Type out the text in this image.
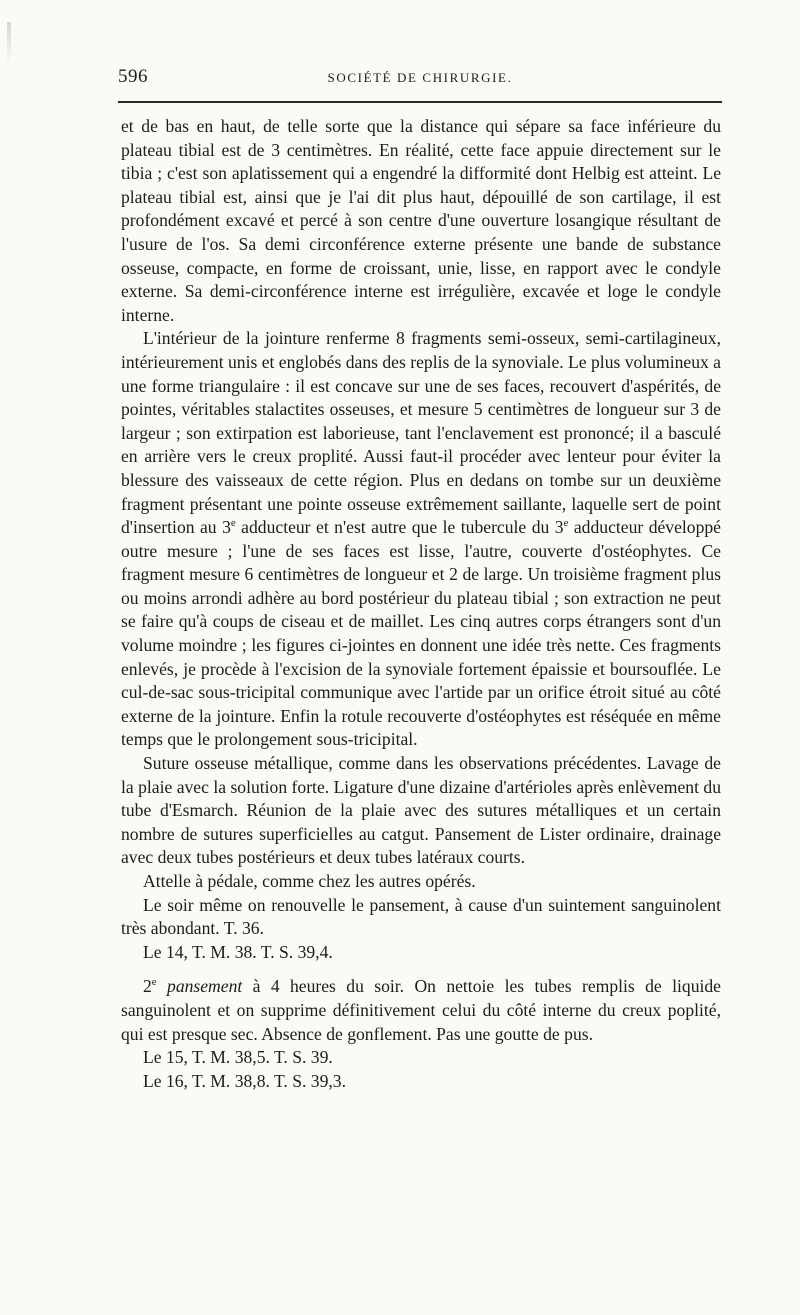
596	SOCIÉTÉ DE CHIRURGIE.

et de bas en haut, de telle sorte que la distance qui sépare sa face inférieure du plateau tibial est de 3 centimètres. En réalité, cette face appuie directement sur le tibia ; c'est son aplatissement qui a engendré la difformité dont Helbig est atteint. Le plateau tibial est, ainsi que je l'ai dit plus haut, dépouillé de son cartilage, il est profondément excavé et percé à son centre d'une ouverture losangique résultant de l'usure de l'os. Sa demi circonférence externe présente une bande de substance osseuse, compacte, en forme de croissant, unie, lisse, en rapport avec le condyle externe. Sa demi-circonférence interne est irrégulière, excavée et loge le condyle interne.

L'intérieur de la jointure renferme 8 fragments semi-osseux, semi-cartilagineux, intérieurement unis et englobés dans des replis de la synoviale. Le plus volumineux a une forme triangulaire : il est concave sur une de ses faces, recouvert d'aspérités, de pointes, véritables stalactites osseuses, et mesure 5 centimètres de longueur sur 3 de largeur ; son extirpation est laborieuse, tant l'enclavement est prononcé; il a basculé en arrière vers le creux proplité. Aussi faut-il procéder avec lenteur pour éviter la blessure des vaisseaux de cette région. Plus en dedans on tombe sur un deuxième fragment présentant une pointe osseuse extrêmement saillante, laquelle sert de point d'insertion au 3e adducteur et n'est autre que le tubercule du 3e adducteur développé outre mesure ; l'une de ses faces est lisse, l'autre, couverte d'ostéophytes. Ce fragment mesure 6 centimètres de longueur et 2 de large. Un troisième fragment plus ou moins arrondi adhère au bord postérieur du plateau tibial ; son extraction ne peut se faire qu'à coups de ciseau et de maillet. Les cinq autres corps étrangers sont d'un volume moindre ; les figures ci-jointes en donnent une idée très nette. Ces fragments enlevés, je procède à l'excision de la synoviale fortement épaissie et boursouflée. Le cul-de-sac sous-tricipital communique avec l'artide par un orifice étroit situé au côté externe de la jointure. Enfin la rotule recouverte d'ostéophytes est réséquée en même temps que le prolongement sous-tricipital.

Suture osseuse métallique, comme dans les observations précédentes. Lavage de la plaie avec la solution forte. Ligature d'une dizaine d'artérioles après enlèvement du tube d'Esmarch. Réunion de la plaie avec des sutures métalliques et un certain nombre de sutures superficielles au catgut. Pansement de Lister ordinaire, drainage avec deux tubes postérieurs et deux tubes latéraux courts.

Attelle à pédale, comme chez les autres opérés.

Le soir même on renouvelle le pansement, à cause d'un suintement sanguinolent très abondant. T. 36.

Le 14, T. M. 38. T. S. 39,4.

2e pansement à 4 heures du soir. On nettoie les tubes remplis de liquide sanguinolent et on supprime définitivement celui du côté interne du creux poplité, qui est presque sec. Absence de gonflement. Pas une goutte de pus.

Le 15, T. M. 38,5. T. S. 39.

Le 16, T. M. 38,8. T. S. 39,3.
